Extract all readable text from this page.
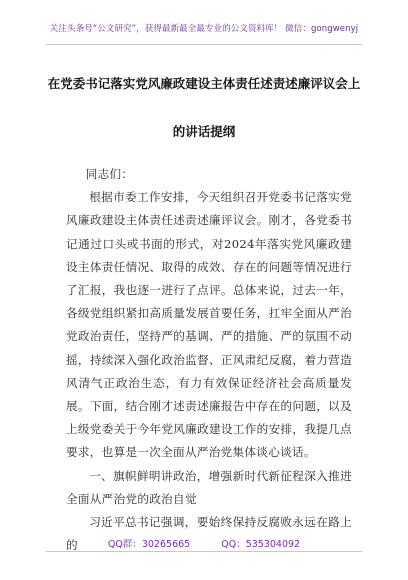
关注头条号“公文研究”，获得最新最全最专业的公文资料库！ 微信：gongwenyj
在党委书记落实党风廉政建设主体责任述责述廉评议会上
的讲话提纲

同志们：

根据市委工作安排，今天组织召开党委书记落实党风廉政建设主体责任述责述廉评议会。刚才，各党委书记通过口头或书面的形式，对2024年落实党风廉政建设主体责任情况、取得的成效、存在的问题等情况进行了汇报，我也逐一进行了点评。总体来说，过去一年，各级党组织紧扣高质量发展首要任务，扛牢全面从严治党政治责任，坚持严的基调、严的措施、严的氛围不动摇，持续深入强化政治监督、正风肃纪反腐，着力营造风清气正政治生态，有力有效保证经济社会高质量发展。下面，结合刚才述责述廉报告中存在的问题，以及上级党委关于今年党风廉政建设工作的安排，我提几点要求，也算是一次全面从严治党集体谈心谈话。

一、旗帜鲜明讲政治，增强新时代新征程深入推进全面从严治党的政治自觉

习近平总书记强调，要始终保持反腐败永远在路上的	QQ群：30265665	QQ：535304092
